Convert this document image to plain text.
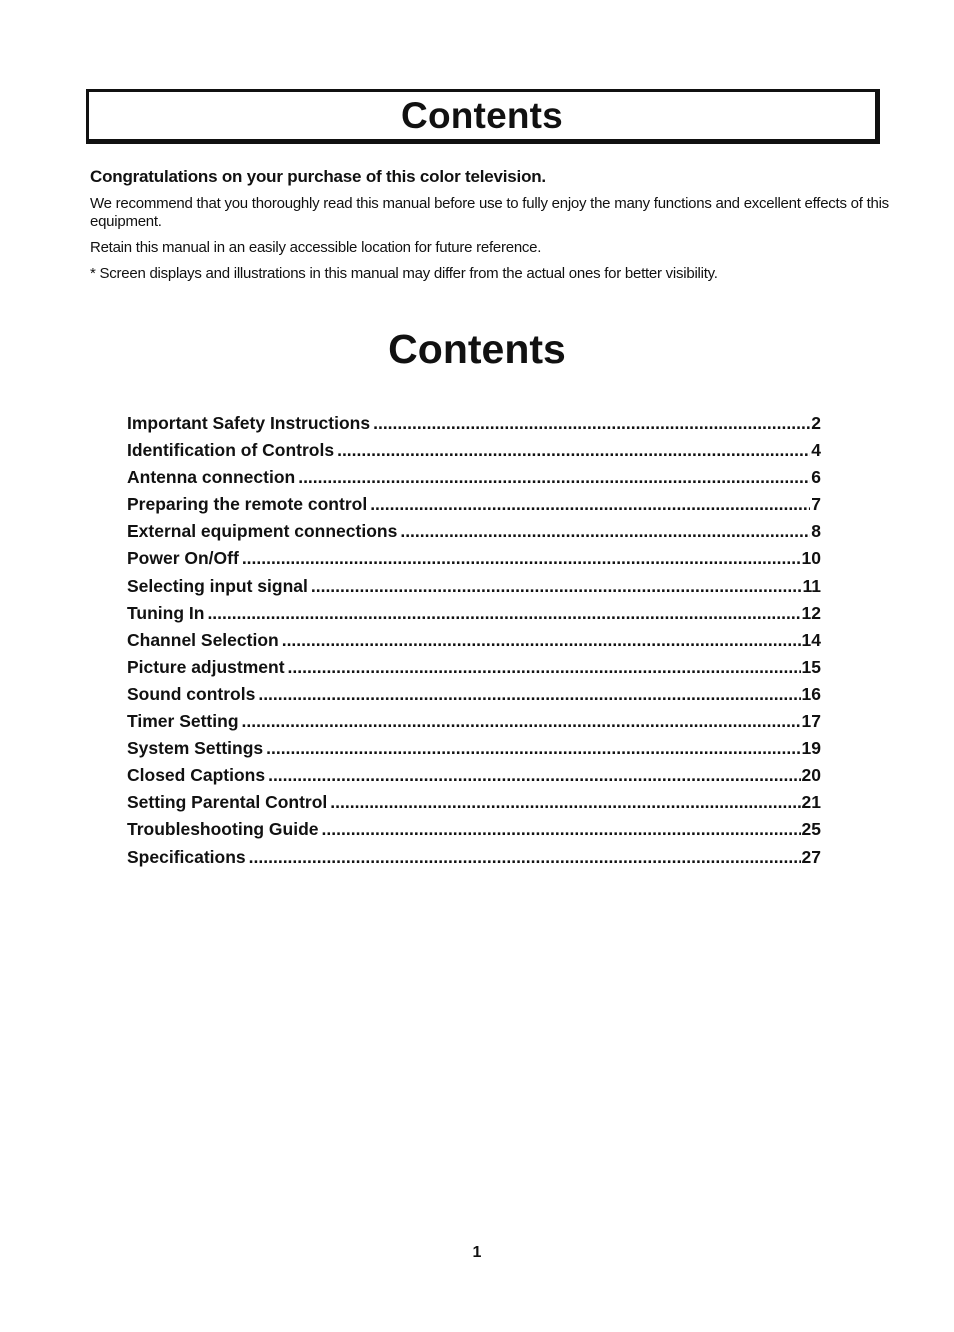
Contents

Congratulations on your purchase of this color television.

We recommend that you thoroughly read this manual before use to fully enjoy the many functions and excellent effects of this equipment.

Retain this manual in an easily accessible location for future reference.

* Screen displays and illustrations in this manual may differ from the actual ones for better visibility.

Contents
Important Safety Instructions .....	2
Identification of Controls .....	4
Antenna connection .....	6
Preparing the remote control .....	7
External equipment connections .....	8
Power On/Off .....	10
Selecting input signal .....	11
Tuning In .....	12
Channel Selection .....	14
Picture adjustment .....	15
Sound controls .....	16
Timer Setting .....	17
System Settings .....	19
Closed Captions .....	20
Setting Parental Control .....	21
Troubleshooting Guide .....	25
Specifications .....	27
1
